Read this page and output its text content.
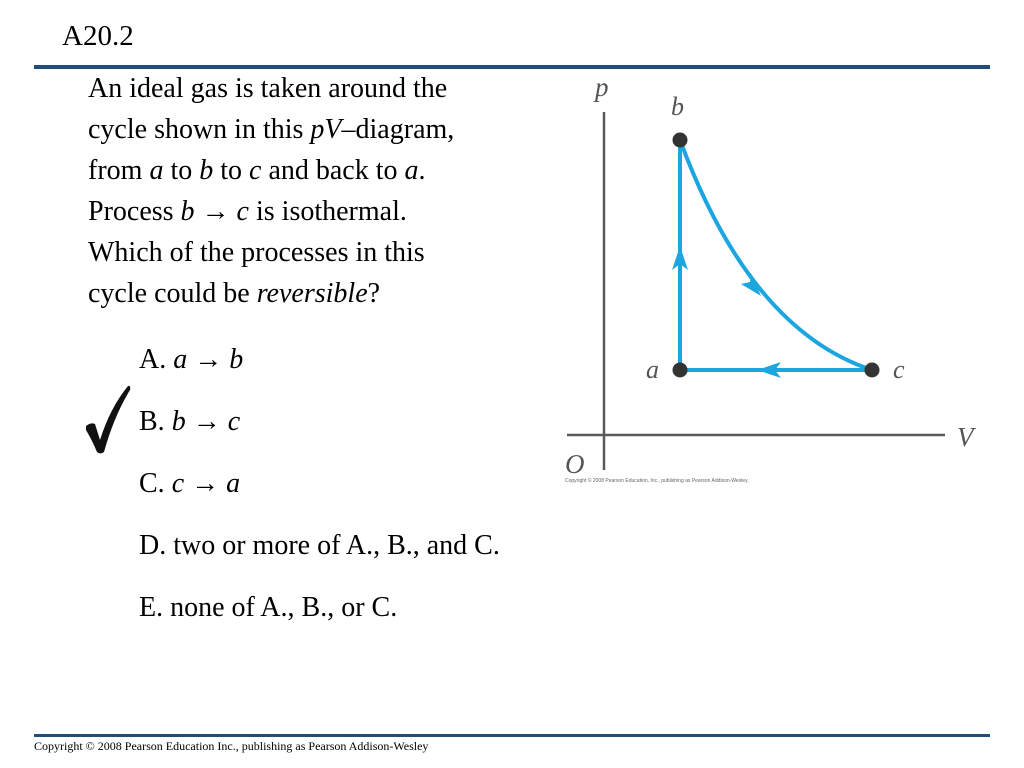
A20.2

An ideal gas is taken around the

cycle shown in this pV–diagram,

from a to b to c and back to a.

Process b → c is isothermal.

Which of the processes in this

cycle could be reversible?

A. a → b
B. b → c
C. c → a
D. two or more of A., B., and C.
E. none of A., B., or C.
p
V
O
a
b
c
Copyright © 2008 Pearson Education, Inc., publishing as Pearson Addison-Wesley.
Copyright © 2008 Pearson Education Inc., publishing as Pearson Addison-Wesley
